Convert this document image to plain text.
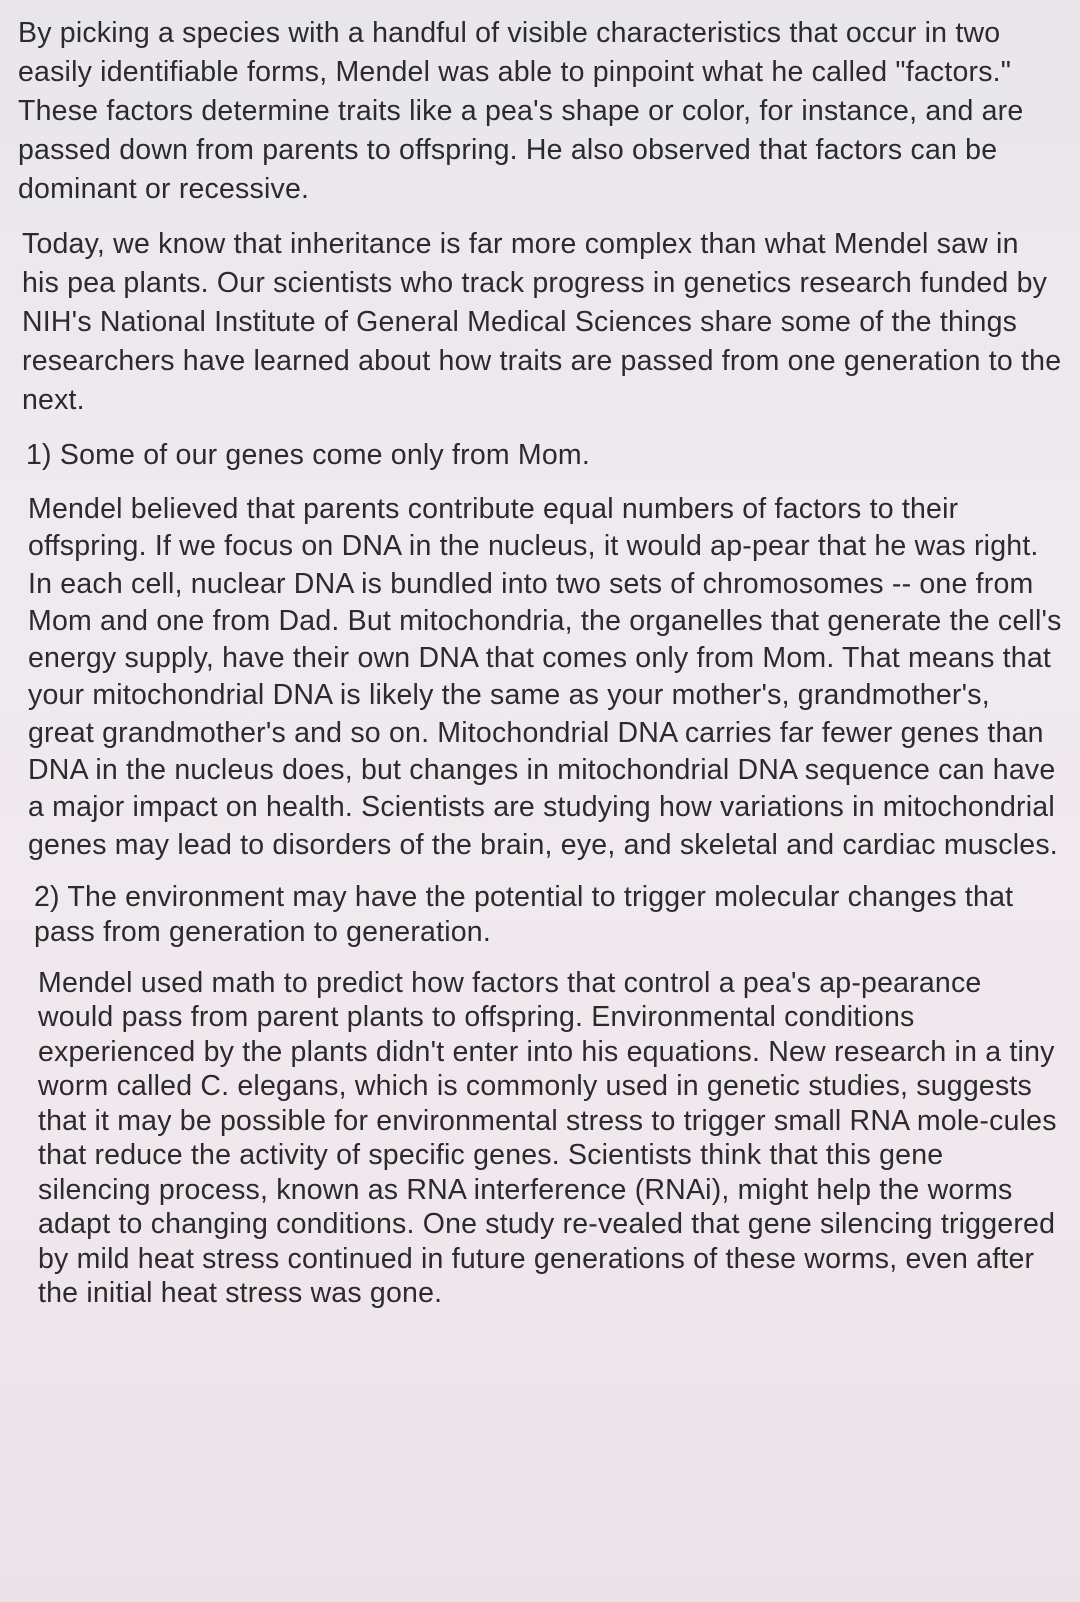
By picking a species with a handful of visible characteristics that occur in two easily identifiable forms, Mendel was able to pinpoint what he called "factors." These factors determine traits like a pea's shape or color, for instance, and are passed down from parents to offspring. He also observed that factors can be dominant or recessive.

Today, we know that inheritance is far more complex than what Mendel saw in his pea plants. Our scientists who track progress in genetics research funded by NIH's National Institute of General Medical Sciences share some of the things researchers have learned about how traits are passed from one generation to the next.

1) Some of our genes come only from Mom.

Mendel believed that parents contribute equal numbers of factors to their offspring. If we focus on DNA in the nucleus, it would ap-pear that he was right. In each cell, nuclear DNA is bundled into two sets of chromosomes -- one from Mom and one from Dad. But mitochondria, the organelles that generate the cell's energy supply, have their own DNA that comes only from Mom. That means that your mitochondrial DNA is likely the same as your mother's, grandmother's, great grandmother's and so on. Mitochondrial DNA carries far fewer genes than DNA in the nucleus does, but changes in mitochondrial DNA sequence can have a major impact on health. Scientists are studying how variations in mitochondrial genes may lead to disorders of the brain, eye, and skeletal and cardiac muscles.

2) The environment may have the potential to trigger molecular changes that pass from generation to generation.

Mendel used math to predict how factors that control a pea's ap-pearance would pass from parent plants to offspring. Environmental conditions experienced by the plants didn't enter into his equations. New research in a tiny worm called C. elegans, which is commonly used in genetic studies, suggests that it may be possible for environmental stress to trigger small RNA mole-cules that reduce the activity of specific genes. Scientists think that this gene silencing process, known as RNA interference (RNAi), might help the worms adapt to changing conditions. One study re-vealed that gene silencing triggered by mild heat stress continued in future generations of these worms, even after the initial heat stress was gone.
